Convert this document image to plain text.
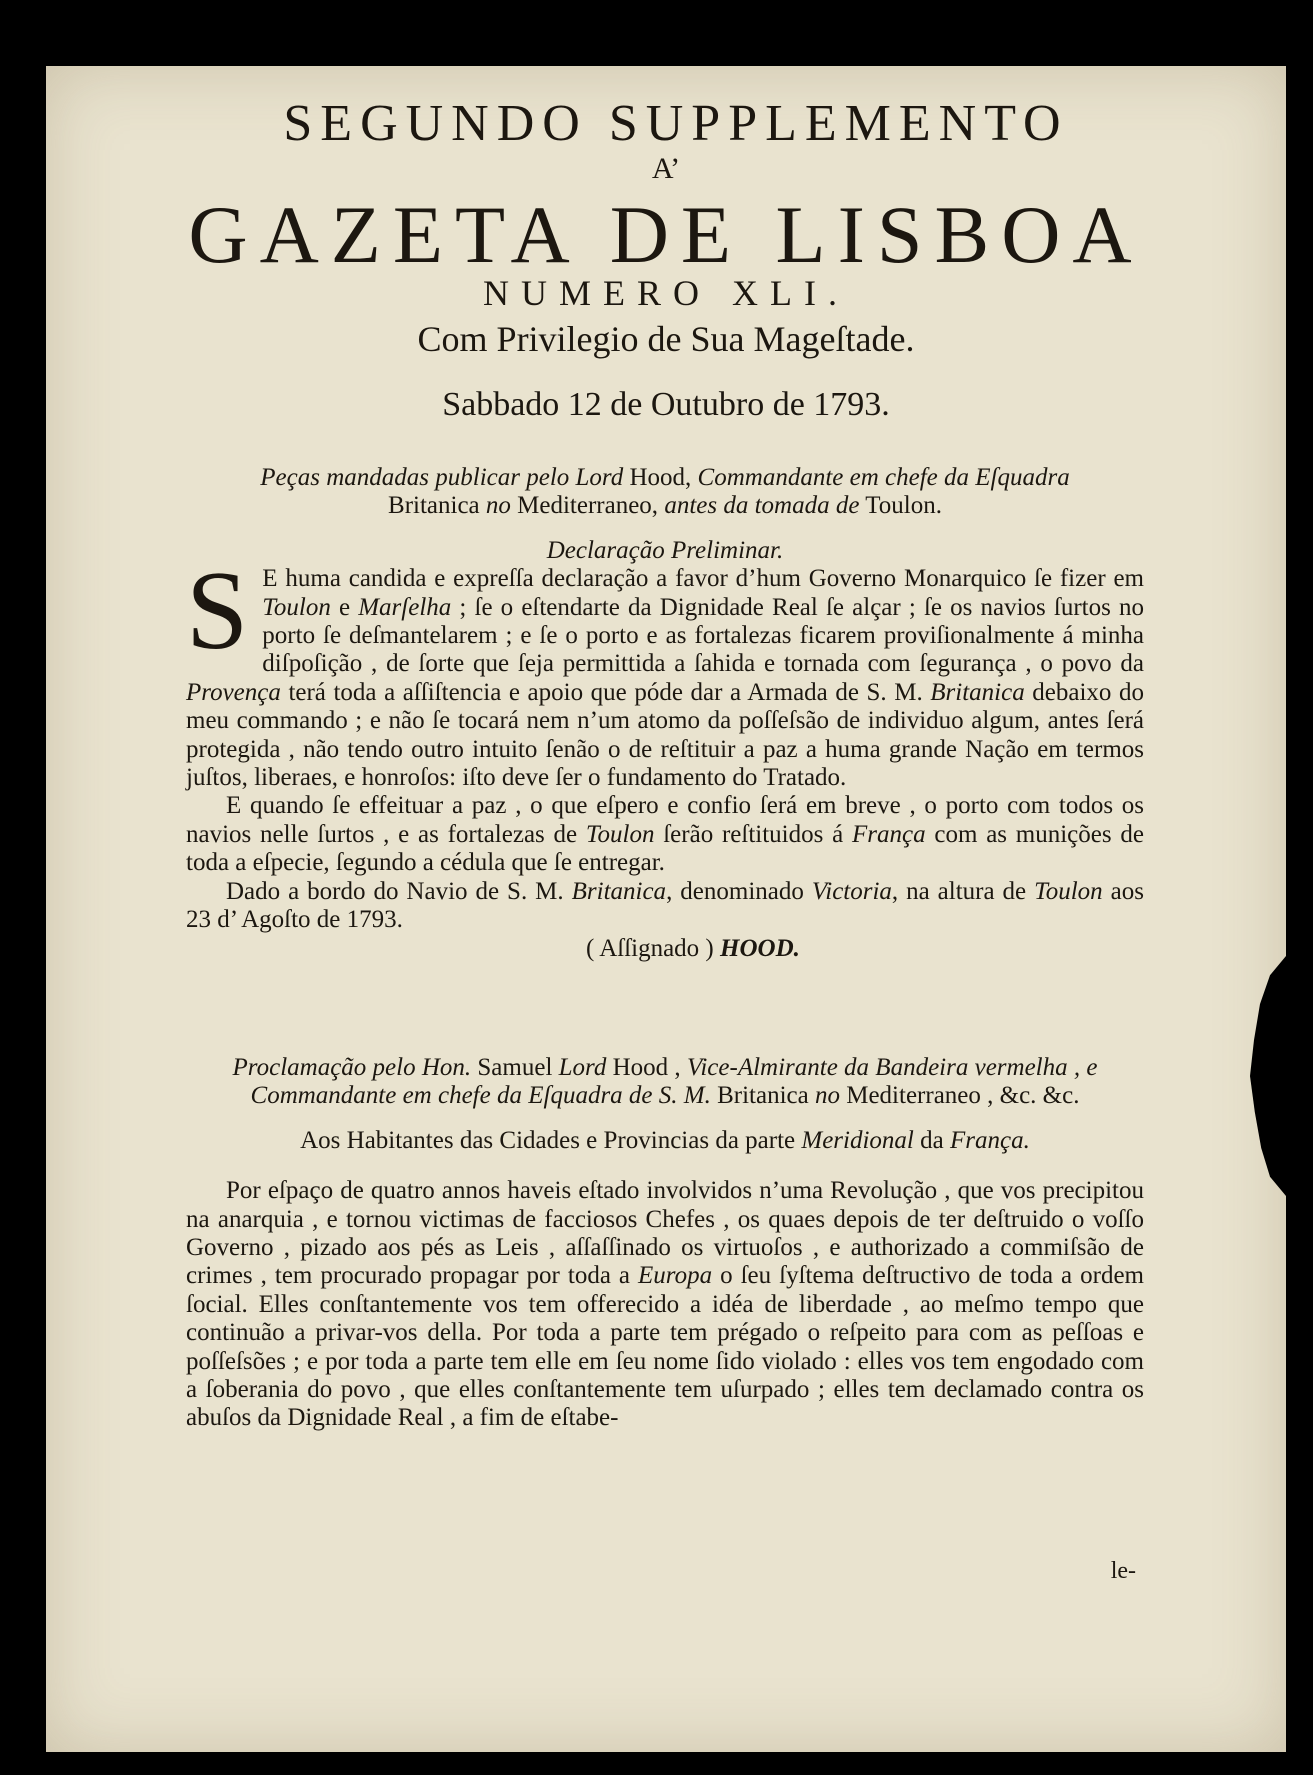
SEGUNDO SUPPLEMENTO
A’
GAZETA DE LISBOA
NUMERO XLI.
Com Privilegio de Sua Mageſtade.
Sabbado 12 de Outubro de 1793.

Peças mandadas publicar pelo Lord Hood, Commandante em chefe da Eſquadra
Britanica no Mediterraneo, antes da tomada de Toulon.

Declaração Preliminar.

S E huma candida e expreſſa declaração a favor d’hum Governo Monarquico ſe fizer em Toulon e Marſelha ; ſe o eſtendarte da Dignidade Real ſe alçar ; ſe os navios ſurtos no porto ſe deſmantelarem ; e ſe o porto e as fortalezas ficarem proviſionalmente á minha diſpoſição , de ſorte que ſeja permittida a ſahida e tornada com ſegurança , o povo da Provença terá toda a aſſiſtencia e apoio que póde dar a Armada de S. M. Britanica debaixo do meu commando ; e não ſe tocará nem n’um atomo da poſſeſsão de individuo algum, antes ſerá protegida , não tendo outro intuito ſenão o de reſtituir a paz a huma grande Nação em termos juſtos, liberaes, e honroſos: iſto deve ſer o fundamento do Tratado.

E quando ſe effeituar a paz , o que eſpero e confio ſerá em breve , o porto com todos os navios nelle ſurtos , e as fortalezas de Toulon ſerão reſtituidos á França com as munições de toda a eſpecie, ſegundo a cédula que ſe entregar.

Dado a bordo do Navio de S. M. Britanica, denominado Victoria, na altura de Toulon aos 23 d’ Agoſto de 1793.

( Aſſignado ) HOOD.

Proclamação pelo Hon. Samuel Lord Hood , Vice-Almirante da Bandeira vermelha , e Commandante em chefe da Eſquadra de S. M. Britanica no Mediterraneo , &c. &c.

Aos Habitantes das Cidades e Provincias da parte Meridional da França.

Por eſpaço de quatro annos haveis eſtado involvidos n’uma Revolução , que vos precipitou na anarquia , e tornou victimas de facciosos Chefes , os quaes depois de ter deſtruido o voſſo Governo , pizado aos pés as Leis , aſſaſſinado os virtuoſos , e authorizado a commiſsão de crimes , tem procurado propagar por toda a Europa o ſeu ſyſtema deſtructivo de toda a ordem ſocial. Elles conſtantemente vos tem offerecido a idéa de liberdade , ao meſmo tempo que continuão a privar-vos della. Por toda a parte tem prégado o reſpeito para com as peſſoas e poſſeſsões ; e por toda a parte tem elle em ſeu nome ſido violado : elles vos tem engodado com a ſoberania do povo , que elles conſtantemente tem uſurpado ; elles tem declamado contra os abuſos da Dignidade Real , a fim de eſtabe-

le-
